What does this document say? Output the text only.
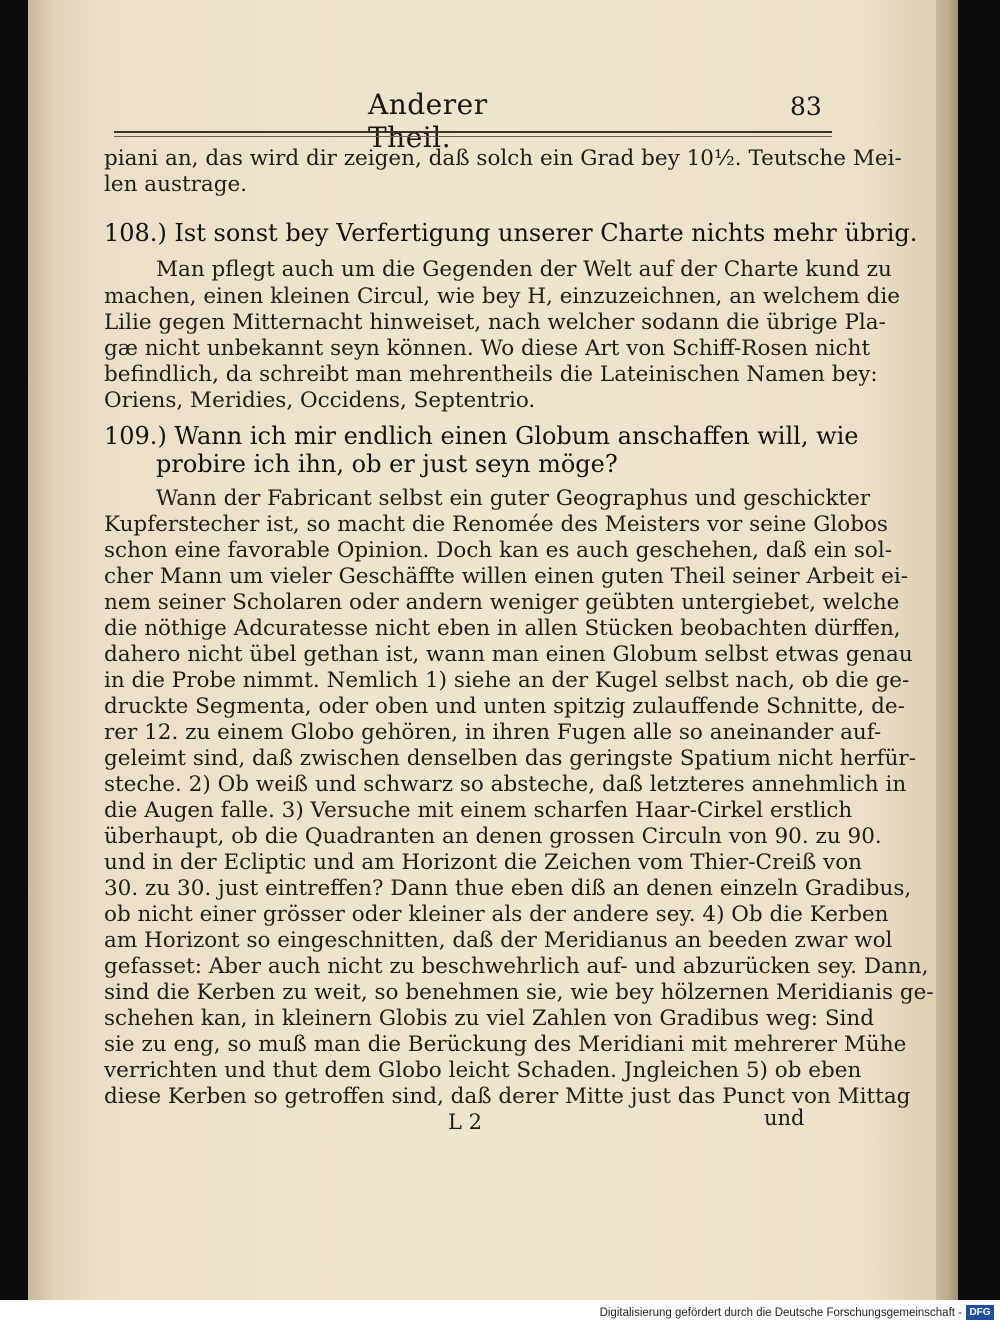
Anderer Theil.
83
piani an, das wird dir zeigen, daß solch ein Grad bey 10½. Teutsche Mei-
len austrage.
108.) Ist sonst bey Verfertigung unserer Charte nichts mehr übrig.
Man pflegt auch um die Gegenden der Welt auf der Charte kund zu
machen, einen kleinen Circul, wie bey H, einzuzeichnen, an welchem die
Lilie gegen Mitternacht hinweiset, nach welcher sodann die übrige Pla-
gæ nicht unbekannt seyn können. Wo diese Art von Schiff-Rosen nicht
befindlich, da schreibt man mehrentheils die Lateinischen Namen bey:
Oriens, Meridies, Occidens, Septentrio.
109.) Wann ich mir endlich einen Globum anschaffen will, wie
probire ich ihn, ob er just seyn möge?
Wann der Fabricant selbst ein guter Geographus und geschickter
Kupferstecher ist, so macht die Renomée des Meisters vor seine Globos
schon eine favorable Opinion. Doch kan es auch geschehen, daß ein sol-
cher Mann um vieler Geschäffte willen einen guten Theil seiner Arbeit ei-
nem seiner Scholaren oder andern weniger geübten untergiebet, welche
die nöthige Adcuratesse nicht eben in allen Stücken beobachten dürffen,
dahero nicht übel gethan ist, wann man einen Globum selbst etwas genau
in die Probe nimmt. Nemlich 1) siehe an der Kugel selbst nach, ob die ge-
druckte Segmenta, oder oben und unten spitzig zulauffende Schnitte, de-
rer 12. zu einem Globo gehören, in ihren Fugen alle so aneinander auf-
geleimt sind, daß zwischen denselben das geringste Spatium nicht herfür-
steche. 2) Ob weiß und schwarz so absteche, daß letzteres annehmlich in
die Augen falle. 3) Versuche mit einem scharfen Haar-Cirkel erstlich
überhaupt, ob die Quadranten an denen grossen Circuln von 90. zu 90.
und in der Ecliptic und am Horizont die Zeichen vom Thier-Creiß von
30. zu 30. just eintreffen? Dann thue eben diß an denen einzeln Gradibus,
ob nicht einer grösser oder kleiner als der andere sey. 4) Ob die Kerben
am Horizont so eingeschnitten, daß der Meridianus an beeden zwar wol
gefasset: Aber auch nicht zu beschwehrlich auf- und abzurücken sey. Dann,
sind die Kerben zu weit, so benehmen sie, wie bey hölzernen Meridianis ge-
schehen kan, in kleinern Globis zu viel Zahlen von Gradibus weg: Sind
sie zu eng, so muß man die Berückung des Meridiani mit mehrerer Mühe
verrichten und thut dem Globo leicht Schaden. Jngleichen 5) ob eben
diese Kerben so getroffen sind, daß derer Mitte just das Punct von Mittag
L 2	und
Digitalisierung gefördert durch die Deutsche Forschungsgemeinschaft - DFG
